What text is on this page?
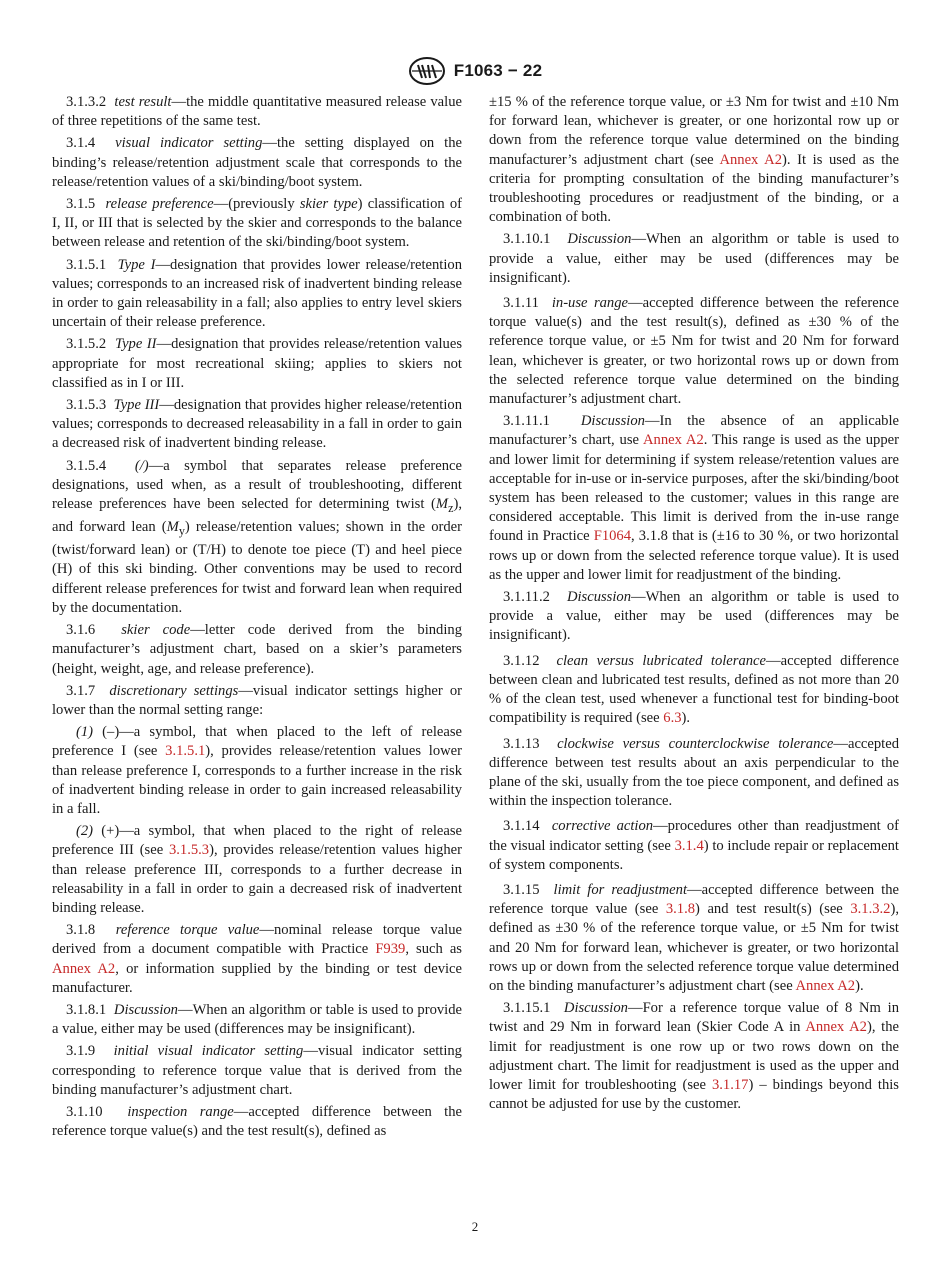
F1063 − 22

3.1.3.2 test result—the middle quantitative measured release value of three repetitions of the same test.

3.1.4 visual indicator setting—the setting displayed on the binding’s release/retention adjustment scale that corresponds to the release/retention values of a ski/binding/boot system.

3.1.5 release preference—(previously skier type) classification of I, II, or III that is selected by the skier and corresponds to the balance between release and retention of the ski/binding/boot system.

3.1.5.1 Type I—designation that provides lower release/retention values; corresponds to an increased risk of inadvertent binding release in order to gain releasability in a fall; also applies to entry level skiers uncertain of their release preference.

3.1.5.2 Type II—designation that provides release/retention values appropriate for most recreational skiing; applies to skiers not classified as in I or III.

3.1.5.3 Type III—designation that provides higher release/retention values; corresponds to decreased releasability in a fall in order to gain a decreased risk of inadvertent binding release.

3.1.5.4 (/)—a symbol that separates release preference designations, used when, as a result of troubleshooting, different release preferences have been selected for determining twist $(M_z)$, and forward lean $(M_y)$ release/retention values; shown in the order (twist/forward lean) or (T/H) to denote toe piece (T) and heel piece (H) of this ski binding. Other conventions may be used to record different release preferences for twist and forward lean when required by the documentation.

3.1.6 skier code—letter code derived from the binding manufacturer’s adjustment chart, based on a skier’s parameters (height, weight, age, and release preference).

3.1.7 discretionary settings—visual indicator settings higher or lower than the normal setting range:

(1) (–)—a symbol, that when placed to the left of release preference I (see 3.1.5.1), provides release/retention values lower than release preference I, corresponds to a further increase in the risk of inadvertent binding release in order to gain increased releasability in a fall.

(2) (+)—a symbol, that when placed to the right of release preference III (see 3.1.5.3), provides release/retention values higher than release preference III, corresponds to a further decrease in releasability in a fall in order to gain a decreased risk of inadvertent binding release.

3.1.8 reference torque value—nominal release torque value derived from a document compatible with Practice F939, such as Annex A2, or information supplied by the binding or test device manufacturer.

3.1.8.1 Discussion—When an algorithm or table is used to provide a value, either may be used (differences may be insignificant).

3.1.9 initial visual indicator setting—visual indicator setting corresponding to reference torque value that is derived from the binding manufacturer’s adjustment chart.

3.1.10 inspection range—accepted difference between the reference torque value(s) and the test result(s), defined as

±15 % of the reference torque value, or ±3 Nm for twist and ±10 Nm for forward lean, whichever is greater, or one horizontal row up or down from the reference torque value determined on the binding manufacturer’s adjustment chart (see Annex A2). It is used as the criteria for prompting consultation of the binding manufacturer’s troubleshooting procedures or readjustment of the binding, or a combination of both.

3.1.10.1 Discussion—When an algorithm or table is used to provide a value, either may be used (differences may be insignificant).

3.1.11 in-use range—accepted difference between the reference torque value(s) and the test result(s), defined as ±30 % of the reference torque value, or ±5 Nm for twist and 20 Nm for forward lean, whichever is greater, or two horizontal rows up or down from the selected reference torque value determined on the binding manufacturer’s adjustment chart.

3.1.11.1 Discussion—In the absence of an applicable manufacturer’s chart, use Annex A2. This range is used as the upper and lower limit for determining if system release/retention values are acceptable for in-use or in-service purposes, after the ski/binding/boot system has been released to the customer; values in this range are considered acceptable. This limit is derived from the in-use range found in Practice F1064, 3.1.8 that is (±16 to 30 %, or two horizontal rows up or down from the selected reference torque value). It is used as the upper and lower limit for readjustment of the binding.

3.1.11.2 Discussion—When an algorithm or table is used to provide a value, either may be used (differences may be insignificant).

3.1.12 clean versus lubricated tolerance—accepted difference between clean and lubricated test results, defined as not more than 20 % of the clean test, used whenever a functional test for binding-boot compatibility is required (see 6.3).

3.1.13 clockwise versus counterclockwise tolerance—accepted difference between test results about an axis perpendicular to the plane of the ski, usually from the toe piece component, and defined as within the inspection tolerance.

3.1.14 corrective action—procedures other than readjustment of the visual indicator setting (see 3.1.4) to include repair or replacement of system components.

3.1.15 limit for readjustment—accepted difference between the reference torque value (see 3.1.8) and test result(s) (see 3.1.3.2), defined as ±30 % of the reference torque value, or ±5 Nm for twist and 20 Nm for forward lean, whichever is greater, or two horizontal rows up or down from the selected reference torque value determined on the binding manufacturer’s adjustment chart (see Annex A2).

3.1.15.1 Discussion—For a reference torque value of 8 Nm in twist and 29 Nm in forward lean (Skier Code A in Annex A2), the limit for readjustment is one row up or two rows down on the adjustment chart. The limit for readjustment is used as the upper and lower limit for troubleshooting (see 3.1.17) – bindings beyond this cannot be adjusted for use by the customer.

2
